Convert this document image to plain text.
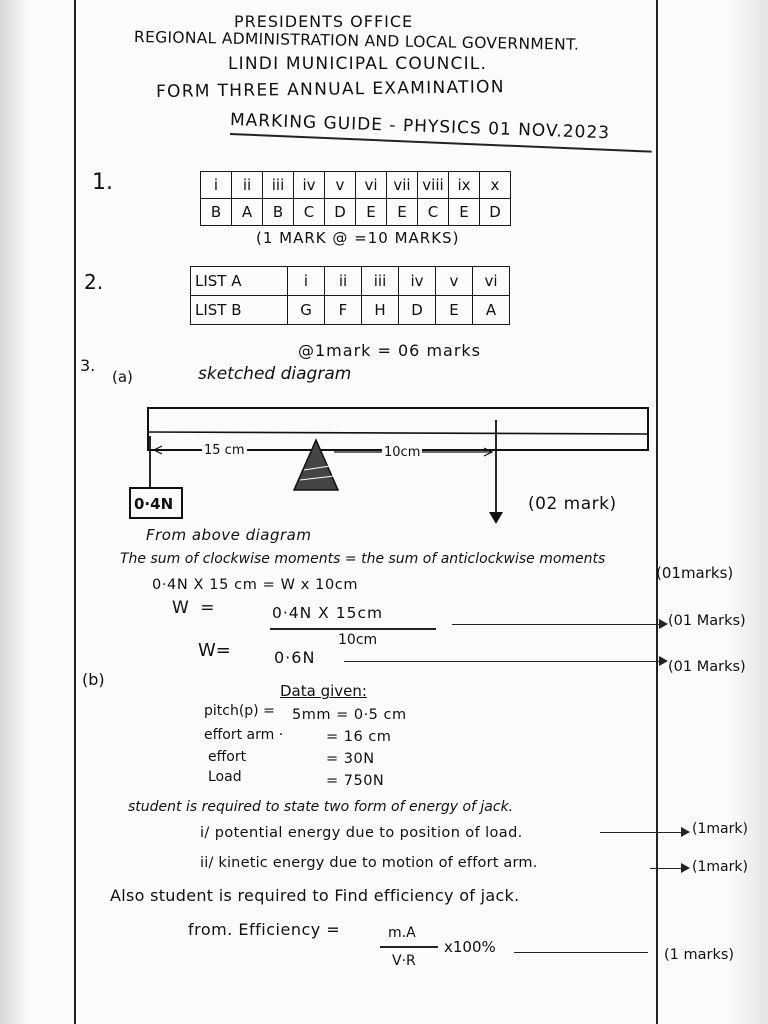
PRESIDENTS OFFICE
REGIONAL ADMINISTRATION AND LOCAL GOVERNMENT.
LINDI MUNICIPAL COUNCIL.
FORM THREE ANNUAL EXAMINATION
MARKING GUIDE - PHYSICS 01 NOV.2023
1.	i	ii	iii	iv	v	vi	vii	viii	ix	x
B	A	B	C	D	E	E	C	E	D
(1 MARK @ =10 MARKS)
2.	LIST A	i	ii	iii	iv	v	vi
LIST B	G	F	H	D	E	A
@1mark = 06 marks
3.
(a)	sketched diagram
15 cm	10cm
0·4N	(02 mark)
From above diagram
The sum of clockwise moments = the sum of anticlockwise moments
(01marks)
0·4N X 15 cm = W x 10cm
W =	0·4N X 15cm
10cm
(01 Marks)
W=	0·6N	(01 Marks)
(b)
Data given:
pitch(p) = 5mm = 0·5 cm
effort arm ·	= 16 cm
effort	= 30N
Load	= 750N
student is required to state two form of energy of jack.
i/ potential energy due to position of load.	(1mark)
ii/ kinetic energy due to motion of effort arm.	(1mark)
Also student is required to Find efficiency of jack.
from. Efficiency =	m.A
V·R
x100%	(1 marks)
